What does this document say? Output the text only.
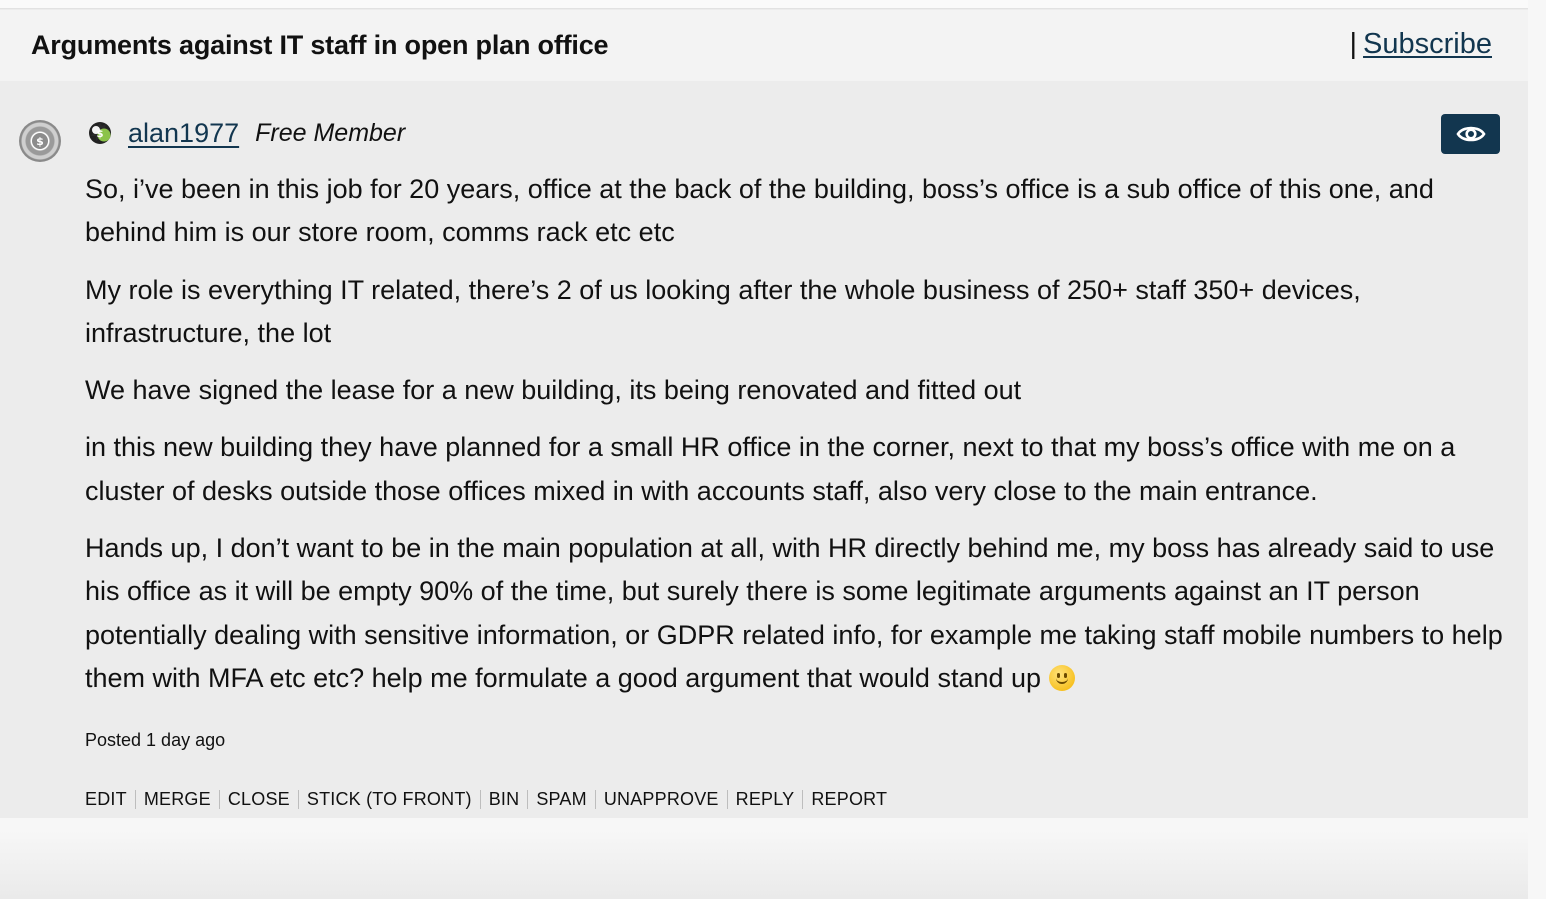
Arguments against IT staff in open plan office	| Subscribe
$
$ alan1977 Free Member

So, i’ve been in this job for 20 years, office at the back of the building, boss’s office is a sub office of this one, and behind him is our store room, comms rack etc etc

My role is everything IT related, there’s 2 of us looking after the whole business of 250+ staff 350+ devices, infrastructure, the lot

We have signed the lease for a new building, its being renovated and fitted out

in this new building they have planned for a small HR office in the corner, next to that my boss’s office with me on a cluster of desks outside those offices mixed in with accounts staff, also very close to the main entrance.

Hands up, I don’t want to be in the main population at all, with HR directly behind me, my boss has already said to use his office as it will be empty 90% of the time, but surely there is some legitimate arguments against an IT person potentially dealing with sensitive information, or GDPR related info, for example me taking staff mobile numbers to help them with MFA etc etc? help me formulate a good argument that would stand up

Posted 1 day ago
EDIT MERGE CLOSE STICK (TO FRONT) BIN SPAM UNAPPROVE REPLY REPORT
